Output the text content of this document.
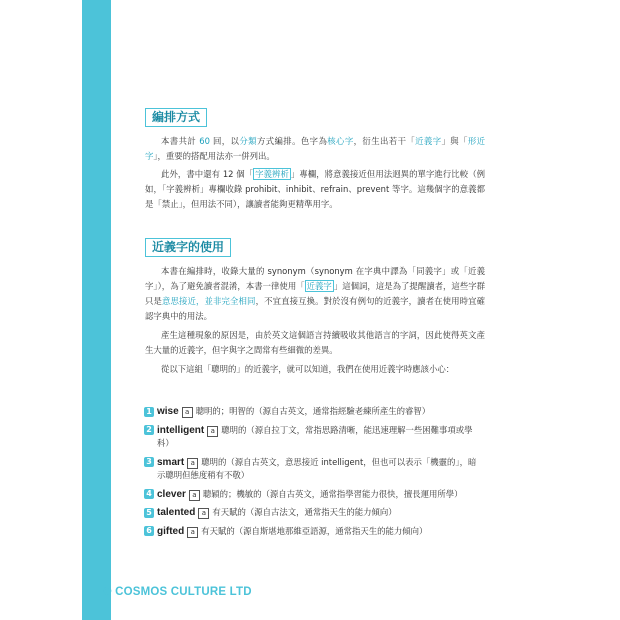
編排方式

本書共計 60 回，以分類方式編排。色字為核心字，衍生出若干「近義字」與「形近字」，重要的搭配用法亦一併列出。

此外，書中還有 12 個「 字義辨析 」專欄，將意義接近但用法迥異的單字進行比較（例如，「字義辨析」專欄收錄 prohibit、inhibit、refrain、prevent 等字。這幾個字的意義都是「禁止」，但用法不同），讓讀者能夠更精準用字。

近義字的使用

本書在編排時，收錄大量的 synonym（synonym 在字典中譯為「同義字」或「近義字」），為了避免讀者混淆，本書一律使用「 近義字 」這個詞，這是為了提醒讀者，這些字群只是意思接近，並非完全相同，不宜直接互換。對於沒有例句的近義字，讀者在使用時宜確認字典中的用法。

產生這種現象的原因是，由於英文這個語言持續吸收其他語言的字詞，因此使得英文產生大量的近義字，但字與字之間常有些細微的差異。

從以下這組「聰明的」的近義字，就可以知道，我們在使用近義字時應該小心：

1 wise a 聰明的；明智的（源自古英文，通常指經驗老練所產生的睿智）
2 intelligent a 聰明的（源自拉丁文，常指思路清晰，能迅速理解一些困難事項或學科）
3 smart a 聰明的（源自古英文，意思接近 intelligent，但也可以表示「機靈的」，暗示聰明但態度稍有不敬）
4 clever a 聰穎的；機敏的（源自古英文，通常指學習能力很快，擅長運用所學）
5 talented a 有天賦的（源自古法文，通常指天生的能力傾向）
6 gifted a 有天賦的（源自斯堪地那維亞語源，通常指天生的能力傾向）
© COSMOS CULTURE LTD
